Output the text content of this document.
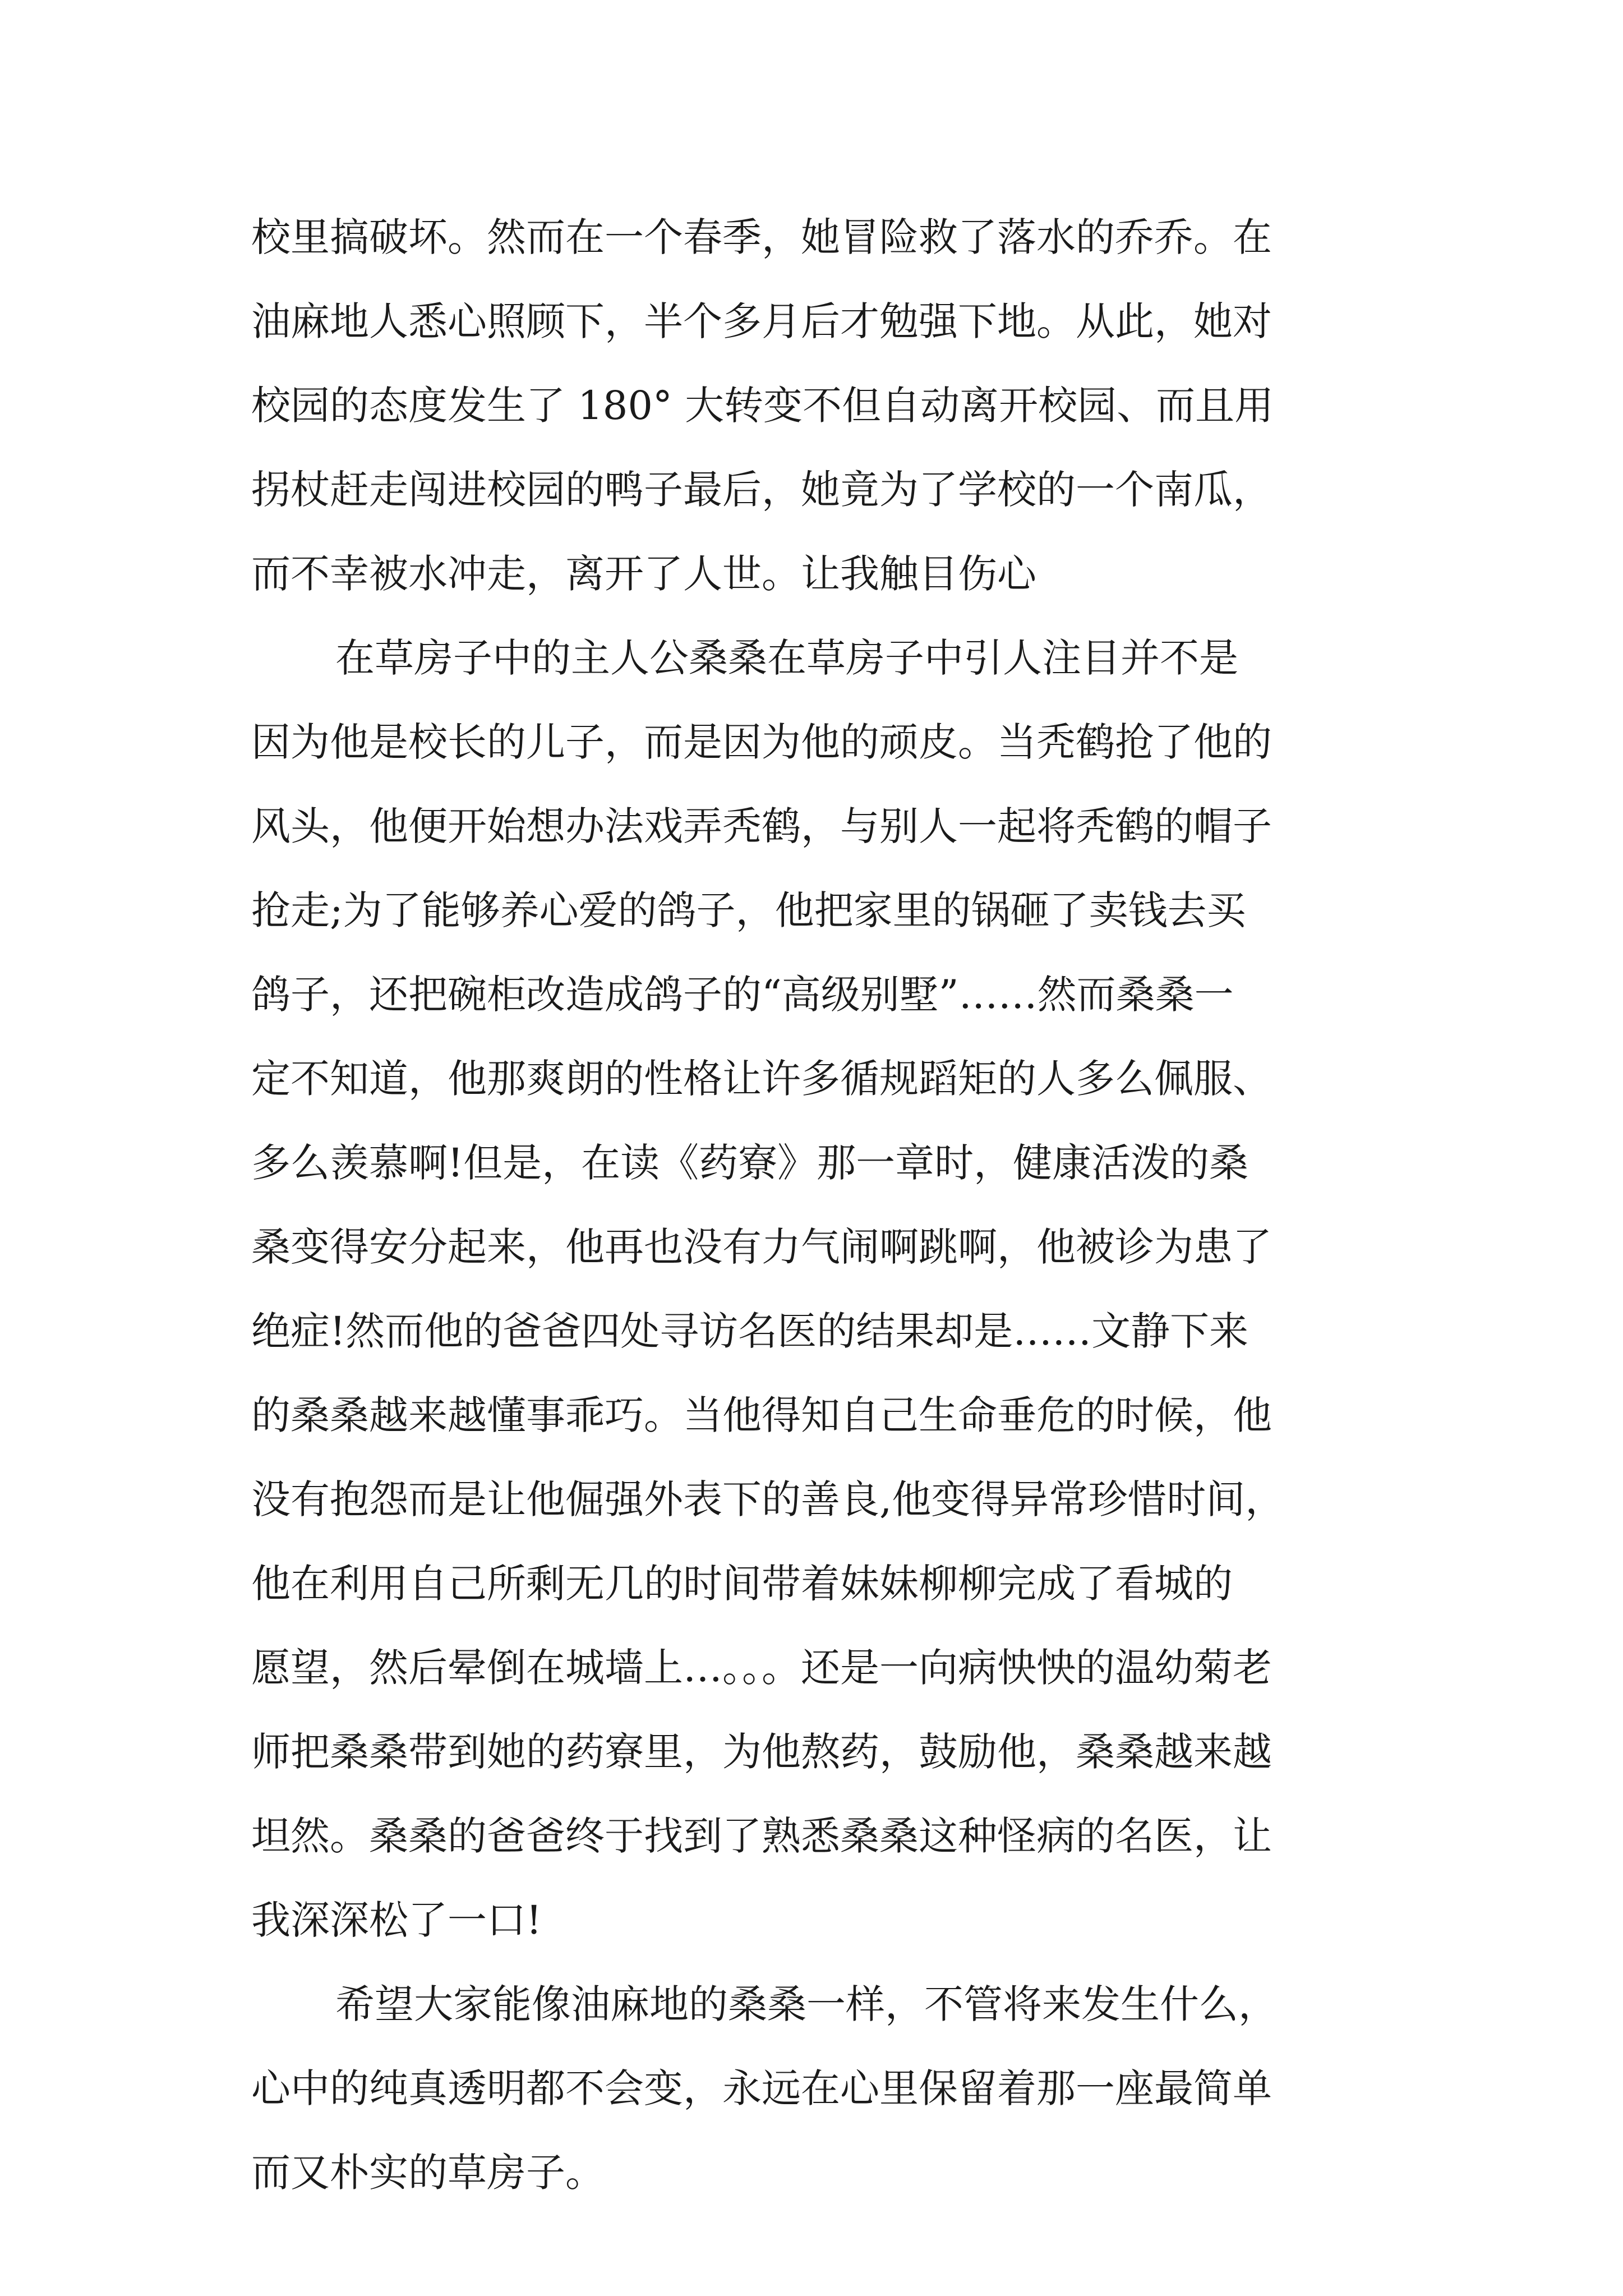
校里搞破坏。然而在一个春季，她冒险救了落水的乔乔。在
油麻地人悉心照顾下，半个多月后才勉强下地。从此，她对
校园的态度发生了 180° 大转变不但自动离开校园、而且用
拐杖赶走闯进校园的鸭子最后，她竟为了学校的一个南瓜，
而不幸被水冲走，离开了人世。让我触目伤心
在草房子中的主人公桑桑在草房子中引人注目并不是
因为他是校长的儿子，而是因为他的顽皮。当秃鹤抢了他的
风头，他便开始想办法戏弄秃鹤，与别人一起将秃鹤的帽子
抢走;为了能够养心爱的鸽子，他把家里的锅砸了卖钱去买
鸽子，还把碗柜改造成鸽子的“高级别墅”……然而桑桑一
定不知道，他那爽朗的性格让许多循规蹈矩的人多么佩服、
多么羡慕啊!但是，在读《药寮》那一章时，健康活泼的桑
桑变得安分起来，他再也没有力气闹啊跳啊，他被诊为患了
绝症!然而他的爸爸四处寻访名医的结果却是……文静下来
的桑桑越来越懂事乖巧。当他得知自己生命垂危的时候，他
没有抱怨而是让他倔强外表下的善良,他变得异常珍惜时间，
他在利用自己所剩无几的时间带着妹妹柳柳完成了看城的
愿望，然后晕倒在城墙上…。。。还是一向病怏怏的温幼菊老
师把桑桑带到她的药寮里，为他熬药，鼓励他，桑桑越来越
坦然。桑桑的爸爸终于找到了熟悉桑桑这种怪病的名医，让
我深深松了一口!
希望大家能像油麻地的桑桑一样，不管将来发生什么，
心中的纯真透明都不会变，永远在心里保留着那一座最简单
而又朴实的草房子。
